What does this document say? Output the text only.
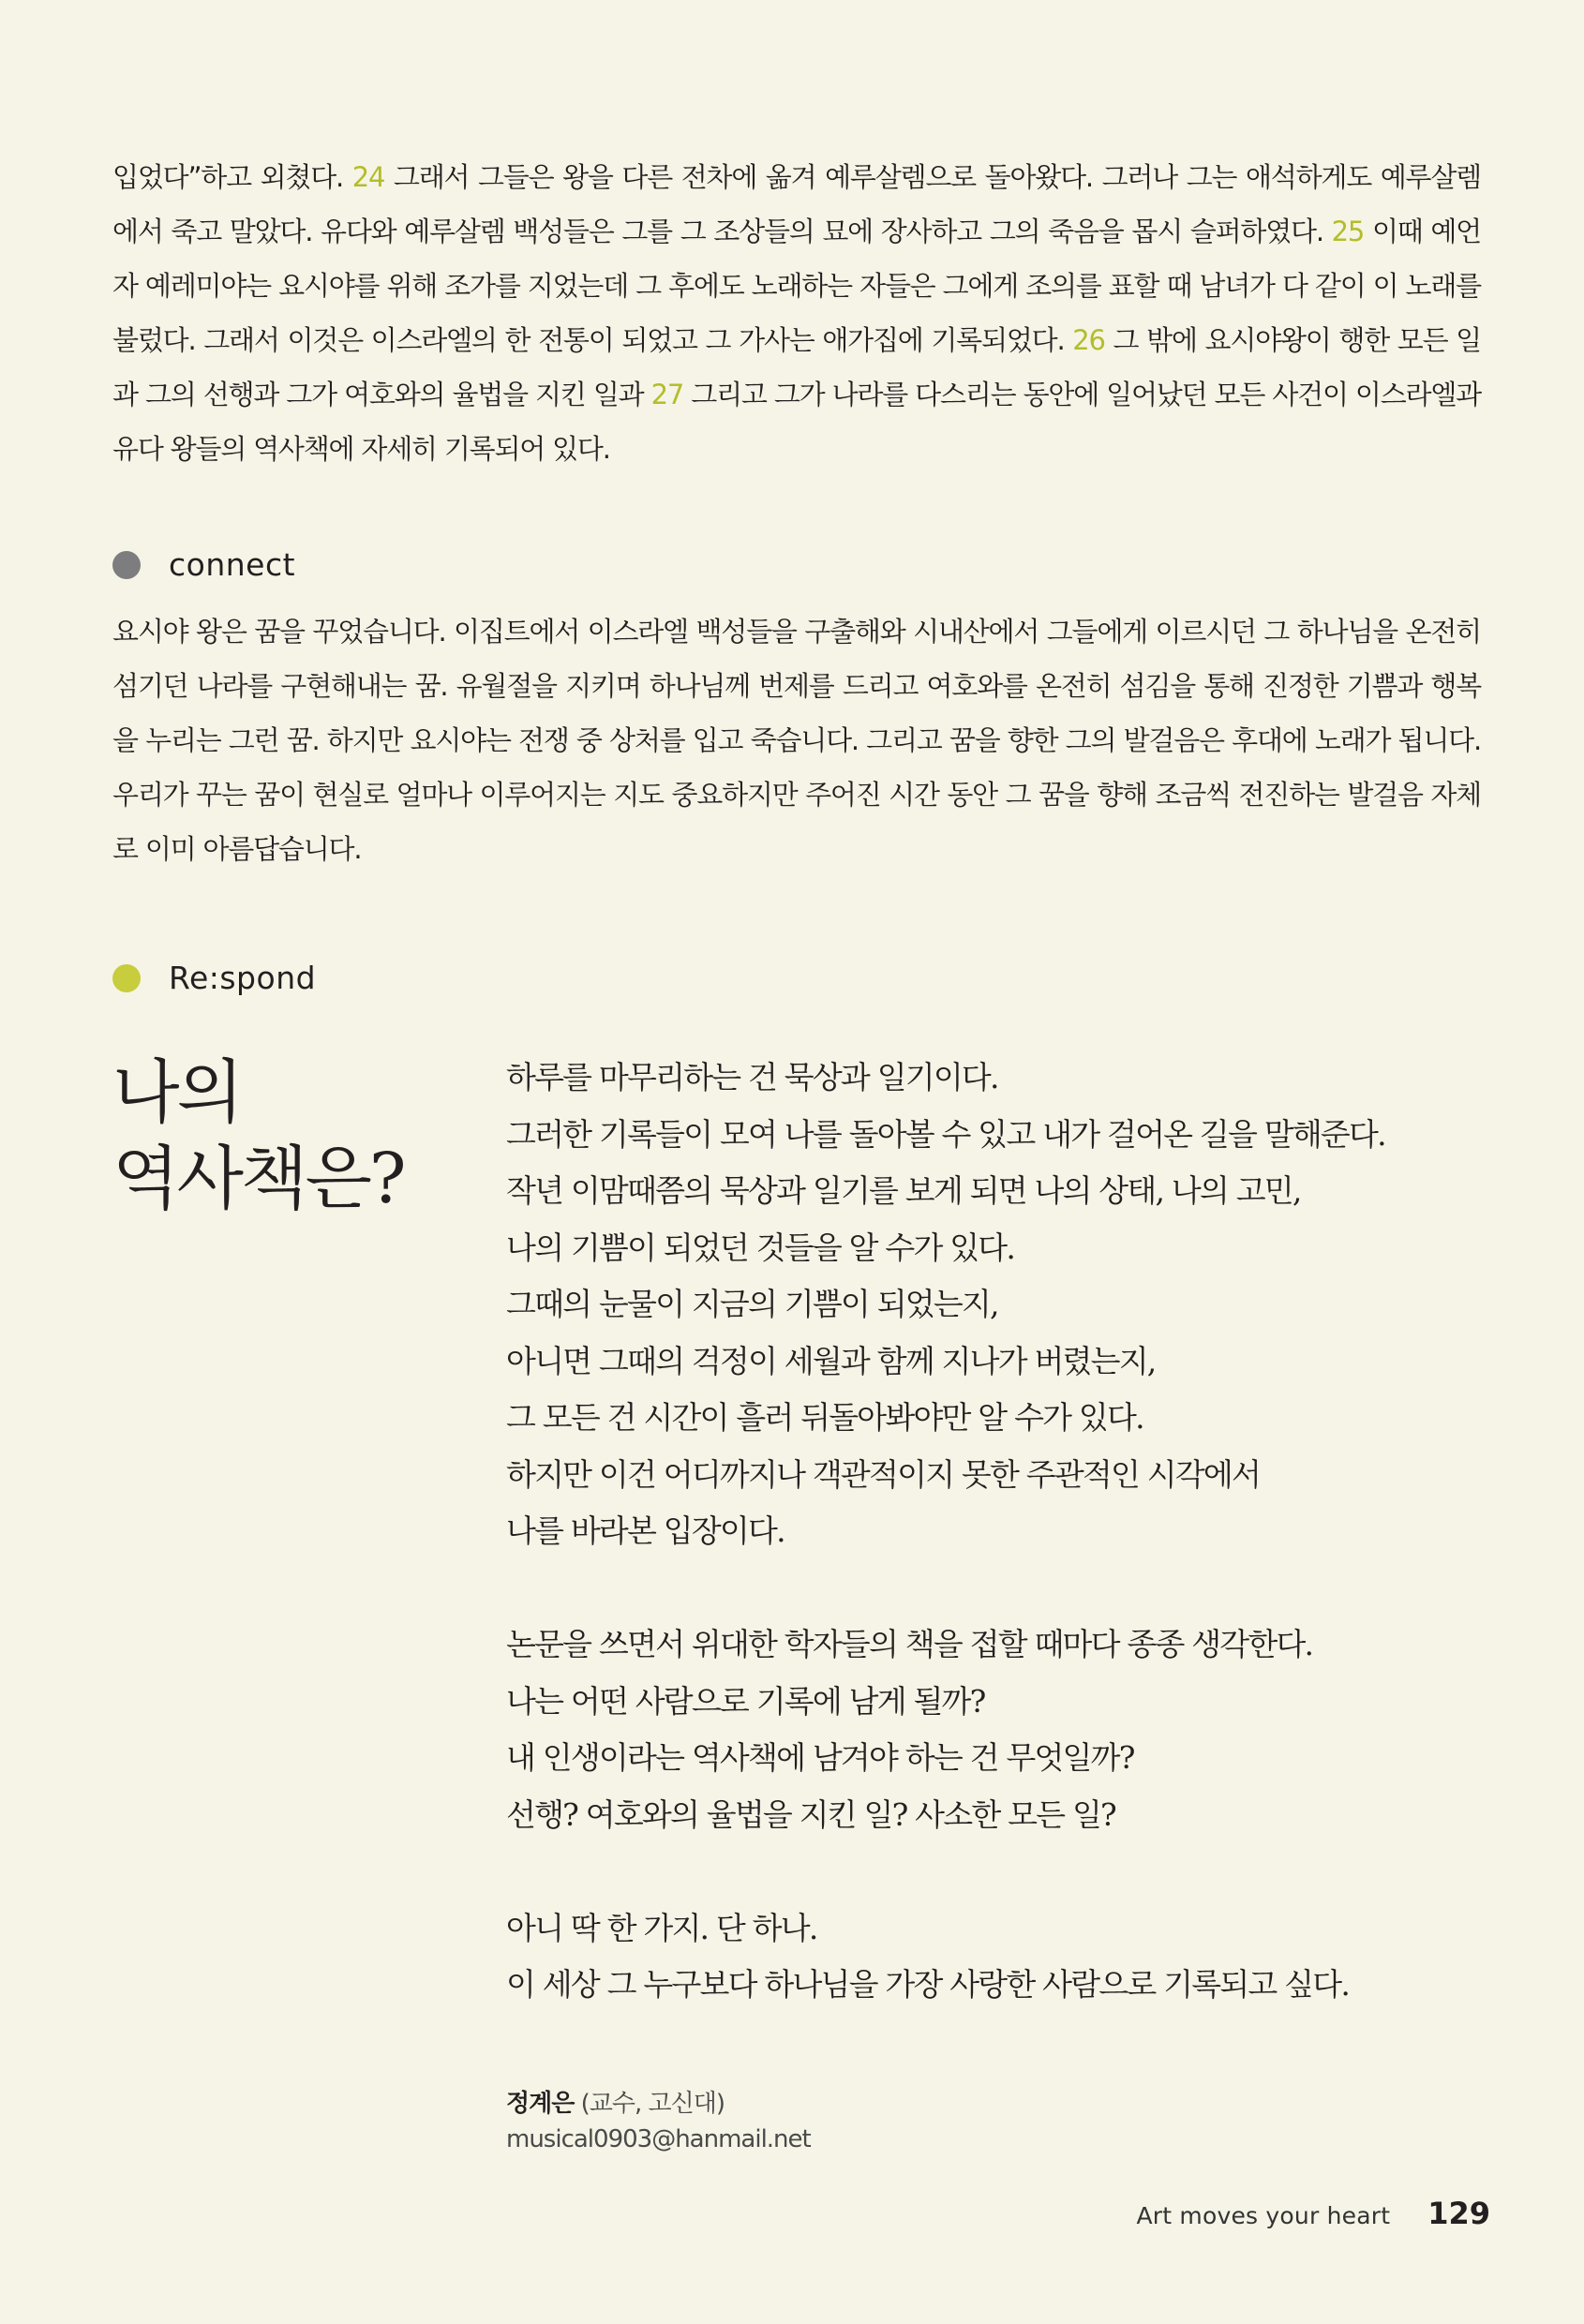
입었다”하고 외쳤다. 24 그래서 그들은 왕을 다른 전차에 옮겨 예루살렘으로 돌아왔다. 그러나 그는 애석하게도 예루살렘에서 죽고 말았다. 유다와 예루살렘 백성들은 그를 그 조상들의 묘에 장사하고 그의 죽음을 몹시 슬퍼하였다. 25 이때 예언자 예레미야는 요시야를 위해 조가를 지었는데 그 후에도 노래하는 자들은 그에게 조의를 표할 때 남녀가 다 같이 이 노래를 불렀다. 그래서 이것은 이스라엘의 한 전통이 되었고 그 가사는 애가집에 기록되었다. 26 그 밖에 요시야왕이 행한 모든 일과 그의 선행과 그가 여호와의 율법을 지킨 일과 27 그리고 그가 나라를 다스리는 동안에 일어났던 모든 사건이 이스라엘과 유다 왕들의 역사책에 자세히 기록되어 있다.

connect

요시야 왕은 꿈을 꾸었습니다. 이집트에서 이스라엘 백성들을 구출해와 시내산에서 그들에게 이르시던 그 하나님을 온전히 섬기던 나라를 구현해내는 꿈. 유월절을 지키며 하나님께 번제를 드리고 여호와를 온전히 섬김을 통해 진정한 기쁨과 행복을 누리는 그런 꿈. 하지만 요시야는 전쟁 중 상처를 입고 죽습니다. 그리고 꿈을 향한 그의 발걸음은 후대에 노래가 됩니다. 우리가 꾸는 꿈이 현실로 얼마나 이루어지는 지도 중요하지만 주어진 시간 동안 그 꿈을 향해 조금씩 전진하는 발걸음 자체로 이미 아름답습니다.

Re:spond
나의
역사책은?
하루를 마무리하는 건 묵상과 일기이다.
그러한 기록들이 모여 나를 돌아볼 수 있고 내가 걸어온 길을 말해준다.
작년 이맘때쯤의 묵상과 일기를 보게 되면 나의 상태, 나의 고민,
나의 기쁨이 되었던 것들을 알 수가 있다.
그때의 눈물이 지금의 기쁨이 되었는지,
아니면 그때의 걱정이 세월과 함께 지나가 버렸는지,
그 모든 건 시간이 흘러 뒤돌아봐야만 알 수가 있다.
하지만 이건 어디까지나 객관적이지 못한 주관적인 시각에서
나를 바라본 입장이다.
논문을 쓰면서 위대한 학자들의 책을 접할 때마다 종종 생각한다.
나는 어떤 사람으로 기록에 남게 될까?
내 인생이라는 역사책에 남겨야 하는 건 무엇일까?
선행? 여호와의 율법을 지킨 일? 사소한 모든 일?
아니 딱 한 가지. 단 하나.
이 세상 그 누구보다 하나님을 가장 사랑한 사람으로 기록되고 싶다.
정계은 (교수, 고신대)
musical0903@hanmail.net
Art moves your heart 129
